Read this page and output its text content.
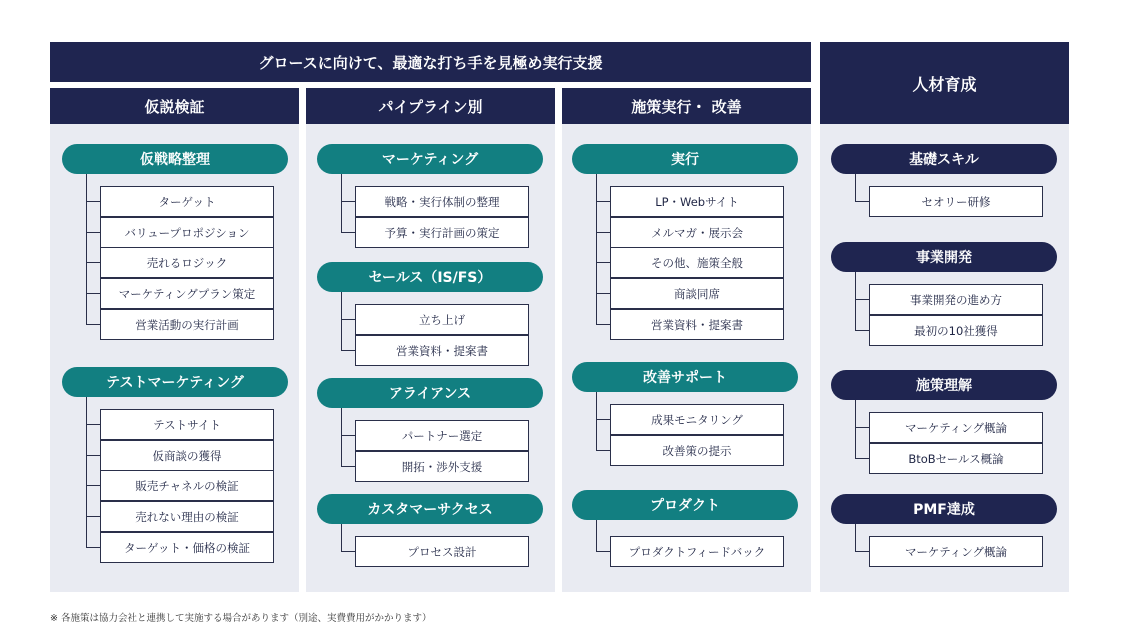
グロースに向けて、最適な打ち手を見極め実行支援
人材育成
仮説検証	パイプライン別	施策実行・ 改善
仮戦略整理
ターゲット
バリュープロポジション
売れるロジック
マーケティングプラン策定
営業活動の実行計画
テストマーケティング
テストサイト
仮商談の獲得
販売チャネルの検証
売れない理由の検証
ターゲット・価格の検証
マーケティング
戦略・実行体制の整理
予算・実行計画の策定
セールス（IS/FS）
立ち上げ
営業資料・提案書
アライアンス
パートナー選定
開拓・渉外支援
カスタマーサクセス
プロセス設計
実行
LP・Webサイト
メルマガ・展示会
その他、施策全般
商談同席
営業資料・提案書
改善サポート
成果モニタリング
改善策の提示
プロダクト
プロダクトフィードバック
基礎スキル
セオリー研修
事業開発
事業開発の進め方
最初の10社獲得
施策理解
マーケティング概論
BtoBセールス概論
PMF達成
マーケティング概論
※ 各施策は協力会社と連携して実施する場合があります（別途、実費費用がかかります）
